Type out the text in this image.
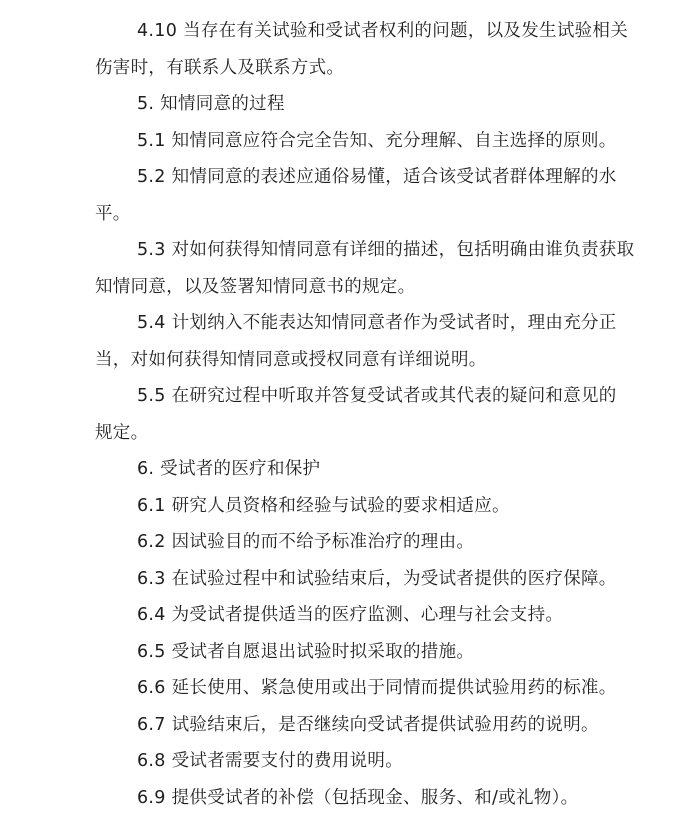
4.10 当存在有关试验和受试者权利的问题，以及发生试验相关
伤害时，有联系人及联系方式。
5. 知情同意的过程
5.1 知情同意应符合完全告知、充分理解、自主选择的原则。
5.2 知情同意的表述应通俗易懂，适合该受试者群体理解的水
平。
5.3 对如何获得知情同意有详细的描述，包括明确由谁负责获取
知情同意，以及签署知情同意书的规定。
5.4 计划纳入不能表达知情同意者作为受试者时，理由充分正
当，对如何获得知情同意或授权同意有详细说明。
5.5 在研究过程中听取并答复受试者或其代表的疑问和意见的
规定。
6. 受试者的医疗和保护
6.1 研究人员资格和经验与试验的要求相适应。
6.2 因试验目的而不给予标准治疗的理由。
6.3 在试验过程中和试验结束后，为受试者提供的医疗保障。
6.4 为受试者提供适当的医疗监测、心理与社会支持。
6.5 受试者自愿退出试验时拟采取的措施。
6.6 延长使用、紧急使用或出于同情而提供试验用药的标准。
6.7 试验结束后，是否继续向受试者提供试验用药的说明。
6.8 受试者需要支付的费用说明。
6.9 提供受试者的补偿（包括现金、服务、和/或礼物）。
